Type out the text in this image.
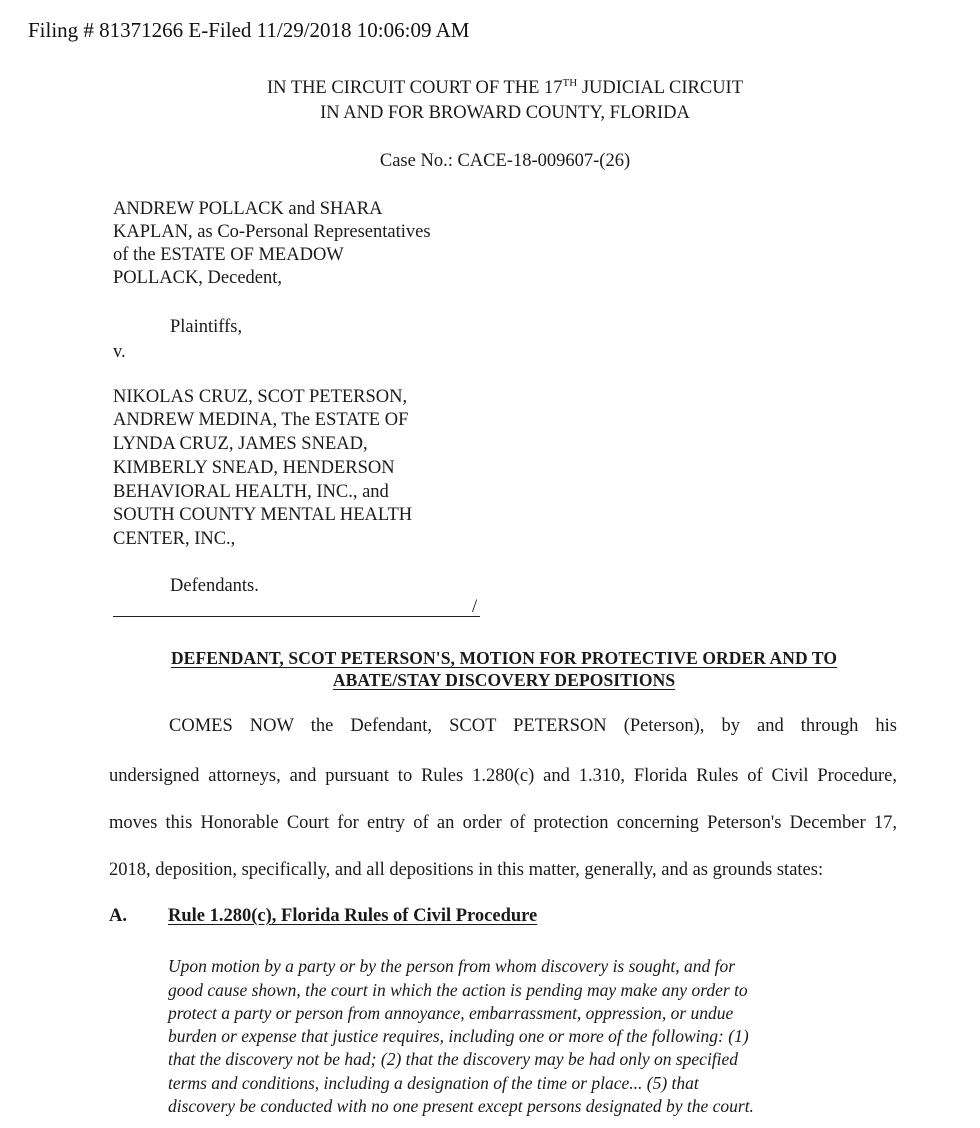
Filing # 81371266 E-Filed 11/29/2018 10:06:09 AM
IN THE CIRCUIT COURT OF THE 17TH JUDICIAL CIRCUIT
IN AND FOR BROWARD COUNTY, FLORIDA
Case No.: CACE-18-009607-(26)
ANDREW POLLACK and SHARA
KAPLAN, as Co-Personal Representatives
of the ESTATE OF MEADOW
POLLACK, Decedent,
Plaintiffs,
v.
NIKOLAS CRUZ, SCOT PETERSON,
ANDREW MEDINA, The ESTATE OF
LYNDA CRUZ, JAMES SNEAD,
KIMBERLY SNEAD, HENDERSON
BEHAVIORAL HEALTH, INC., and
SOUTH COUNTY MENTAL HEALTH
CENTER, INC.,
Defendants.
/
DEFENDANT, SCOT PETERSON'S, MOTION FOR PROTECTIVE ORDER AND TO
ABATE/STAY DISCOVERY DEPOSITIONS
COMES NOW the Defendant, SCOT PETERSON (Peterson), by and through his
undersigned attorneys, and pursuant to Rules 1.280(c) and 1.310, Florida Rules of Civil Procedure,
moves this Honorable Court for entry of an order of protection concerning Peterson's December 17,
2018, deposition, specifically, and all depositions in this matter, generally, and as grounds states:
A. Rule 1.280(c), Florida Rules of Civil Procedure
Upon motion by a party or by the person from whom discovery is sought, and for
good cause shown, the court in which the action is pending may make any order to
protect a party or person from annoyance, embarrassment, oppression, or undue
burden or expense that justice requires, including one or more of the following: (1)
that the discovery not be had; (2) that the discovery may be had only on specified
terms and conditions, including a designation of the time or place... (5) that
discovery be conducted with no one present except persons designated by the court.
